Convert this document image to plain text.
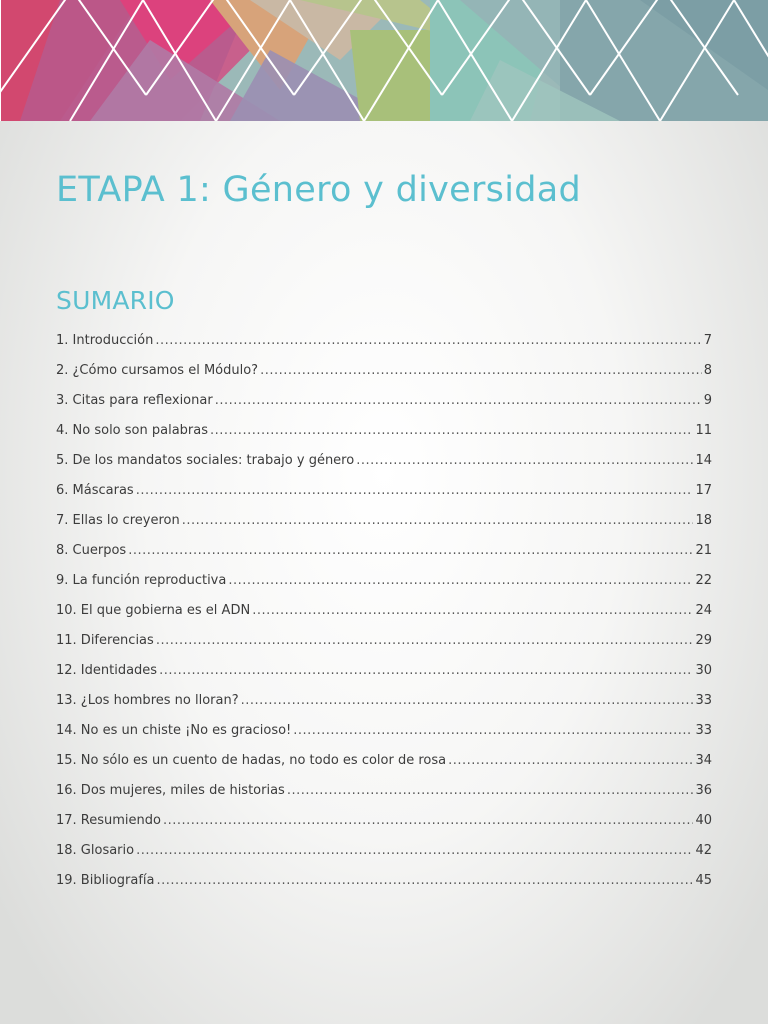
ETAPA 1: Género y diversidad
SUMARIO
1. Introducción .....	7
2. ¿Cómo cursamos el Módulo? .....	8
3. Citas para reflexionar .....	9
4. No solo son palabras .....	11
5. De los mandatos sociales: trabajo y género .....	14
6. Máscaras .....	17
7. Ellas lo creyeron .....	18
8. Cuerpos .....	21
9. La función reproductiva .....	22
10. El que gobierna es el ADN .....	24
11. Diferencias .....	29
12. Identidades .....	30
13. ¿Los hombres no lloran? .....	33
14. No es un chiste ¡No es gracioso! .....	33
15. No sólo es un cuento de hadas, no todo es color de rosa .....	34
16. Dos mujeres, miles de historias .....	36
17. Resumiendo .....	40
18. Glosario .....	42
19. Bibliografía .....	45
